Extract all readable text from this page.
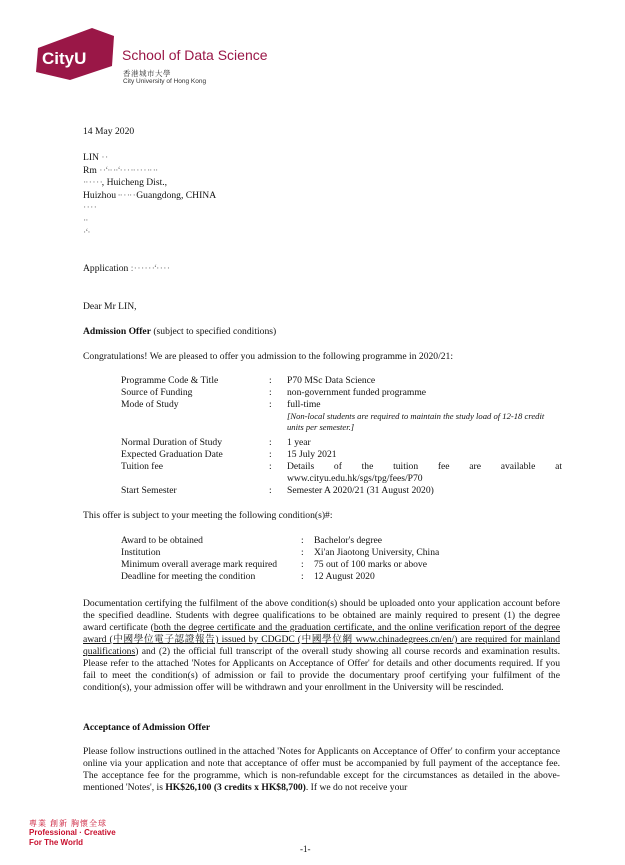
CityU	School of Data Science
香港城市大學
City University of Hong Kong
14 May 2020
LIN · ·
Rm · ·‘·· ··‘· · · ·· · · · ·· ··
·· · · · ·, Huicheng Dist.,
Huizhou ·· · ·· · Guangdong, CHINA
· · · ·
··
·‘·
Application : · · · · · ·‘· · · ·
Dear Mr LIN,
Admission Offer (subject to specified conditions)
Congratulations! We are pleased to offer you admission to the following programme in 2020/21:
Programme Code & Title	:	P70 MSc Data Science
Source of Funding	:	non-government funded programme
Mode of Study	:	full-time
[Non-local students are required to maintain the study load of 12-18 credit units per semester.]

Normal Duration of Study	:	1 year
Expected Graduation Date	:	15 July 2021
Tuition fee	:	Details of the tuition fee are available at
www.cityu.edu.hk/sgs/tpg/fees/P70

Start Semester	:	Semester A 2020/21 (31 August 2020)
This offer is subject to your meeting the following condition(s)#:
Award to be obtained	:	Bachelor's degree
Institution	:	Xi'an Jiaotong University, China
Minimum overall average mark required	:	75 out of 100 marks or above
Deadline for meeting the condition	:	12 August 2020
Documentation certifying the fulfilment of the above condition(s) should be uploaded onto your application account before the specified deadline. Students with degree qualifications to be obtained are mainly required to present (1) the degree award certificate (both the degree certificate and the graduation certificate, and the online verification report of the degree award (中國學位電子認證報告) issued by CDGDC (中國學位網 www.chinadegrees.cn/en/) are required for mainland qualifications) and (2) the official full transcript of the overall study showing all course records and examination results. Please refer to the attached 'Notes for Applicants on Acceptance of Offer' for details and other documents required. If you fail to meet the condition(s) of admission or fail to provide the documentary proof certifying your fulfilment of the condition(s), your admission offer will be withdrawn and your enrollment in the University will be rescinded.
Acceptance of Admission Offer
Please follow instructions outlined in the attached 'Notes for Applicants on Acceptance of Offer' to confirm your acceptance online via your application and note that acceptance of offer must be accompanied by full payment of the acceptance fee. The acceptance fee for the programme, which is non-refundable except for the circumstances as detailed in the above-mentioned 'Notes', is HK$26,100 (3 credits x HK$8,700). If we do not receive your
專業 創新 胸懷全球
Professional · Creative
For The World
-1-
